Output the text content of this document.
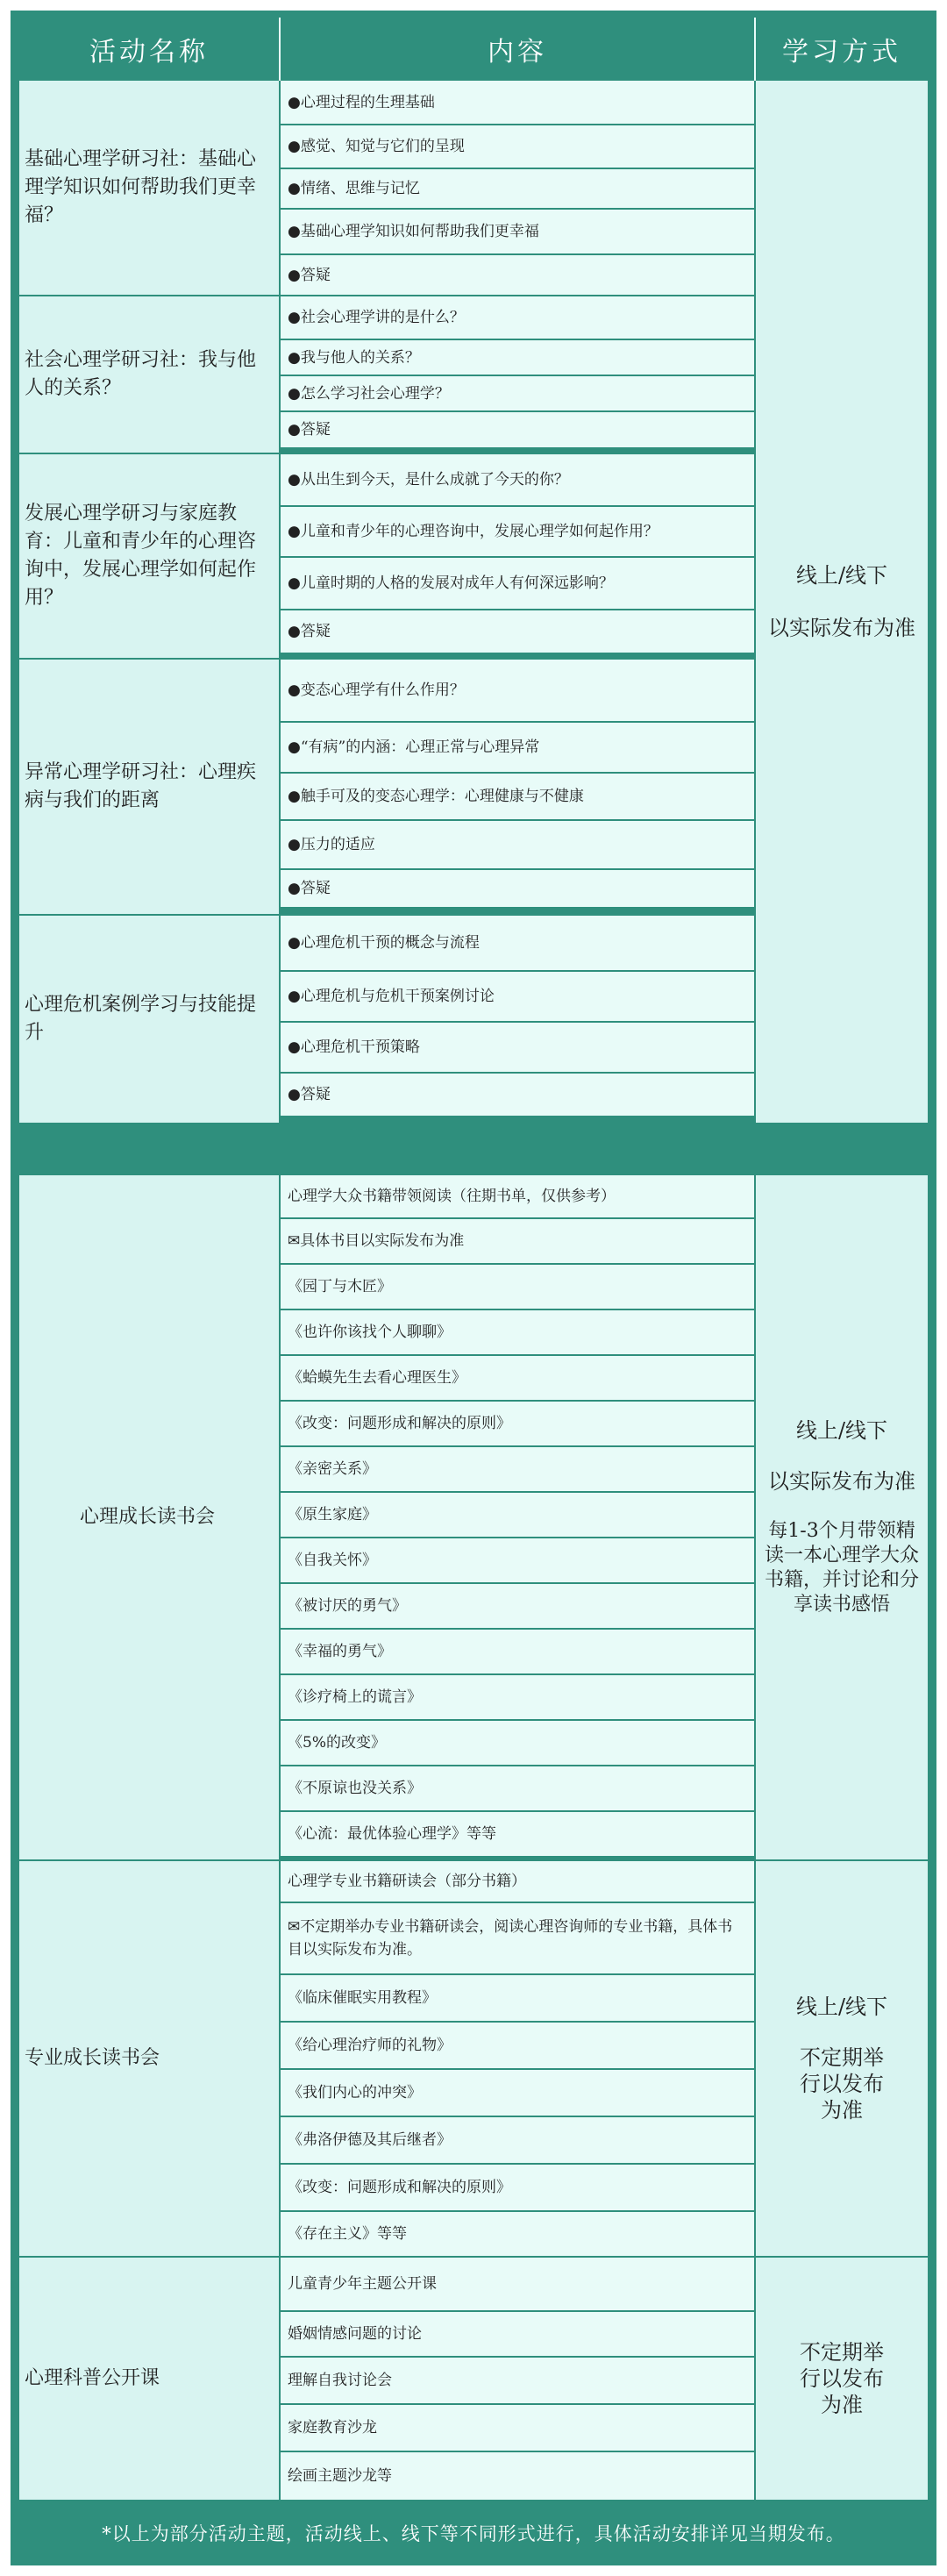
活动名称	内容	学习方式
基础心理学研习社：基础心理学知识如何帮助我们更幸福？
●心理过程的生理基础
●感觉、知觉与它们的呈现
●情绪、思维与记忆
●基础心理学知识如何帮助我们更幸福
●答疑
社会心理学研习社：我与他人的关系？
●社会心理学讲的是什么？
●我与他人的关系？
●怎么学习社会心理学？
●答疑
发展心理学研习与家庭教育：儿童和青少年的心理咨询中，发展心理学如何起作用？
●从出生到今天，是什么成就了今天的你？
●儿童和青少年的心理咨询中，发展心理学如何起作用？
●儿童时期的人格的发展对成年人有何深远影响？
●答疑
异常心理学研习社：心理疾病与我们的距离
●变态心理学有什么作用？
●“有病”的内涵：心理正常与心理异常
●触手可及的变态心理学：心理健康与不健康
●压力的适应
●答疑
心理危机案例学习与技能提升
●心理危机干预的概念与流程
●心理危机与危机干预案例讨论
●心理危机干预策略
●答疑
线上/线下
以实际发布为准
心理成长读书会
心理学大众书籍带领阅读（往期书单，仅供参考）
✉具体书目以实际发布为准
《园丁与木匠》
《也许你该找个人聊聊》
《蛤蟆先生去看心理医生》
《改变：问题形成和解决的原则》
《亲密关系》
《原生家庭》
《自我关怀》
《被讨厌的勇气》
《幸福的勇气》
《诊疗椅上的谎言》
《5%的改变》
《不原谅也没关系》
《心流：最优体验心理学》等等
线上/线下
以实际发布为准
每1-3个月带领精读一本心理学大众书籍，并讨论和分享读书感悟
专业成长读书会
心理学专业书籍研读会（部分书籍）
✉不定期举办专业书籍研读会，阅读心理咨询师的专业书籍，具体书目以实际发布为准。
《临床催眠实用教程》
《给心理治疗师的礼物》
《我们内心的冲突》
《弗洛伊德及其后继者》
《改变：问题形成和解决的原则》
《存在主义》等等
线上/线下
不定期举行以发布为准
心理科普公开课
儿童青少年主题公开课
婚姻情感问题的讨论
理解自我讨论会
家庭教育沙龙
绘画主题沙龙等
不定期举行以发布为准
*以上为部分活动主题，活动线上、线下等不同形式进行，具体活动安排详见当期发布。
